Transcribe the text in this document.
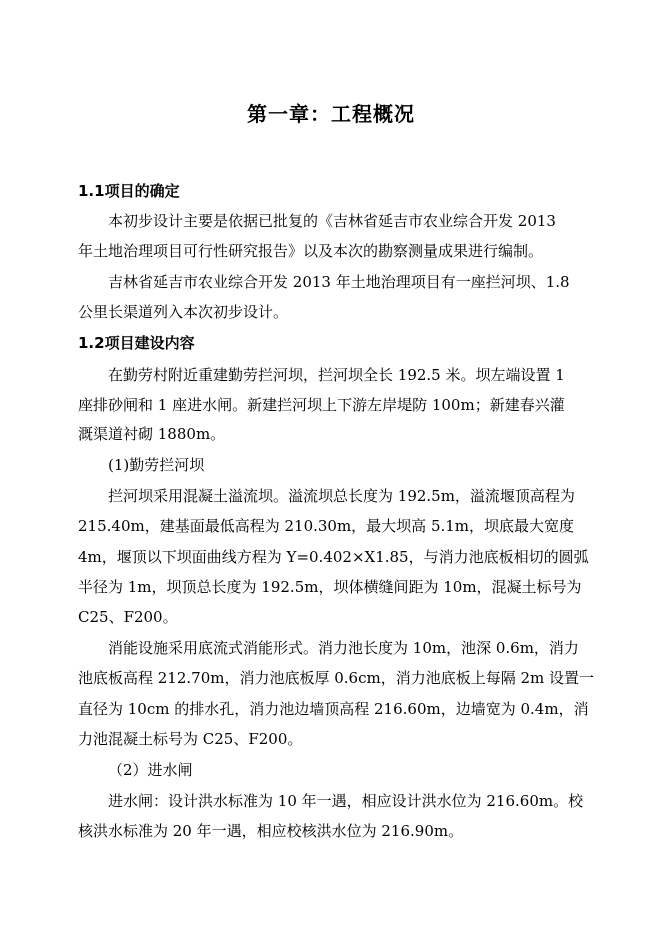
第一章：工程概况
1.1项目的确定
本初步设计主要是依据已批复的《吉林省延吉市农业综合开发 2013
年土地治理项目可行性研究报告》以及本次的勘察测量成果进行编制。
吉林省延吉市农业综合开发 2013 年土地治理项目有一座拦河坝、1.8
公里长渠道列入本次初步设计。
1.2项目建设内容
在勤劳村附近重建勤劳拦河坝，拦河坝全长 192.5 米。坝左端设置 1
座排砂闸和 1 座进水闸。新建拦河坝上下游左岸堤防 100m；新建春兴灌
溉渠道衬砌 1880m。
(1)勤劳拦河坝
拦河坝采用混凝土溢流坝。溢流坝总长度为 192.5m，溢流堰顶高程为
215.40m，建基面最低高程为 210.30m，最大坝高 5.1m，坝底最大宽度
4m，堰顶以下坝面曲线方程为 Y=0.402×X1.85，与消力池底板相切的圆弧
半径为 1m，坝顶总长度为 192.5m，坝体横缝间距为 10m，混凝土标号为
C25、F200。
消能设施采用底流式消能形式。消力池长度为 10m，池深 0.6m，消力
池底板高程 212.70m，消力池底板厚 0.6cm，消力池底板上每隔 2m 设置一
直径为 10cm 的排水孔，消力池边墙顶高程 216.60m，边墙宽为 0.4m，消
力池混凝土标号为 C25、F200。
（2）进水闸
进水闸：设计洪水标准为 10 年一遇，相应设计洪水位为 216.60m。校
核洪水标准为 20 年一遇，相应校核洪水位为 216.90m。
